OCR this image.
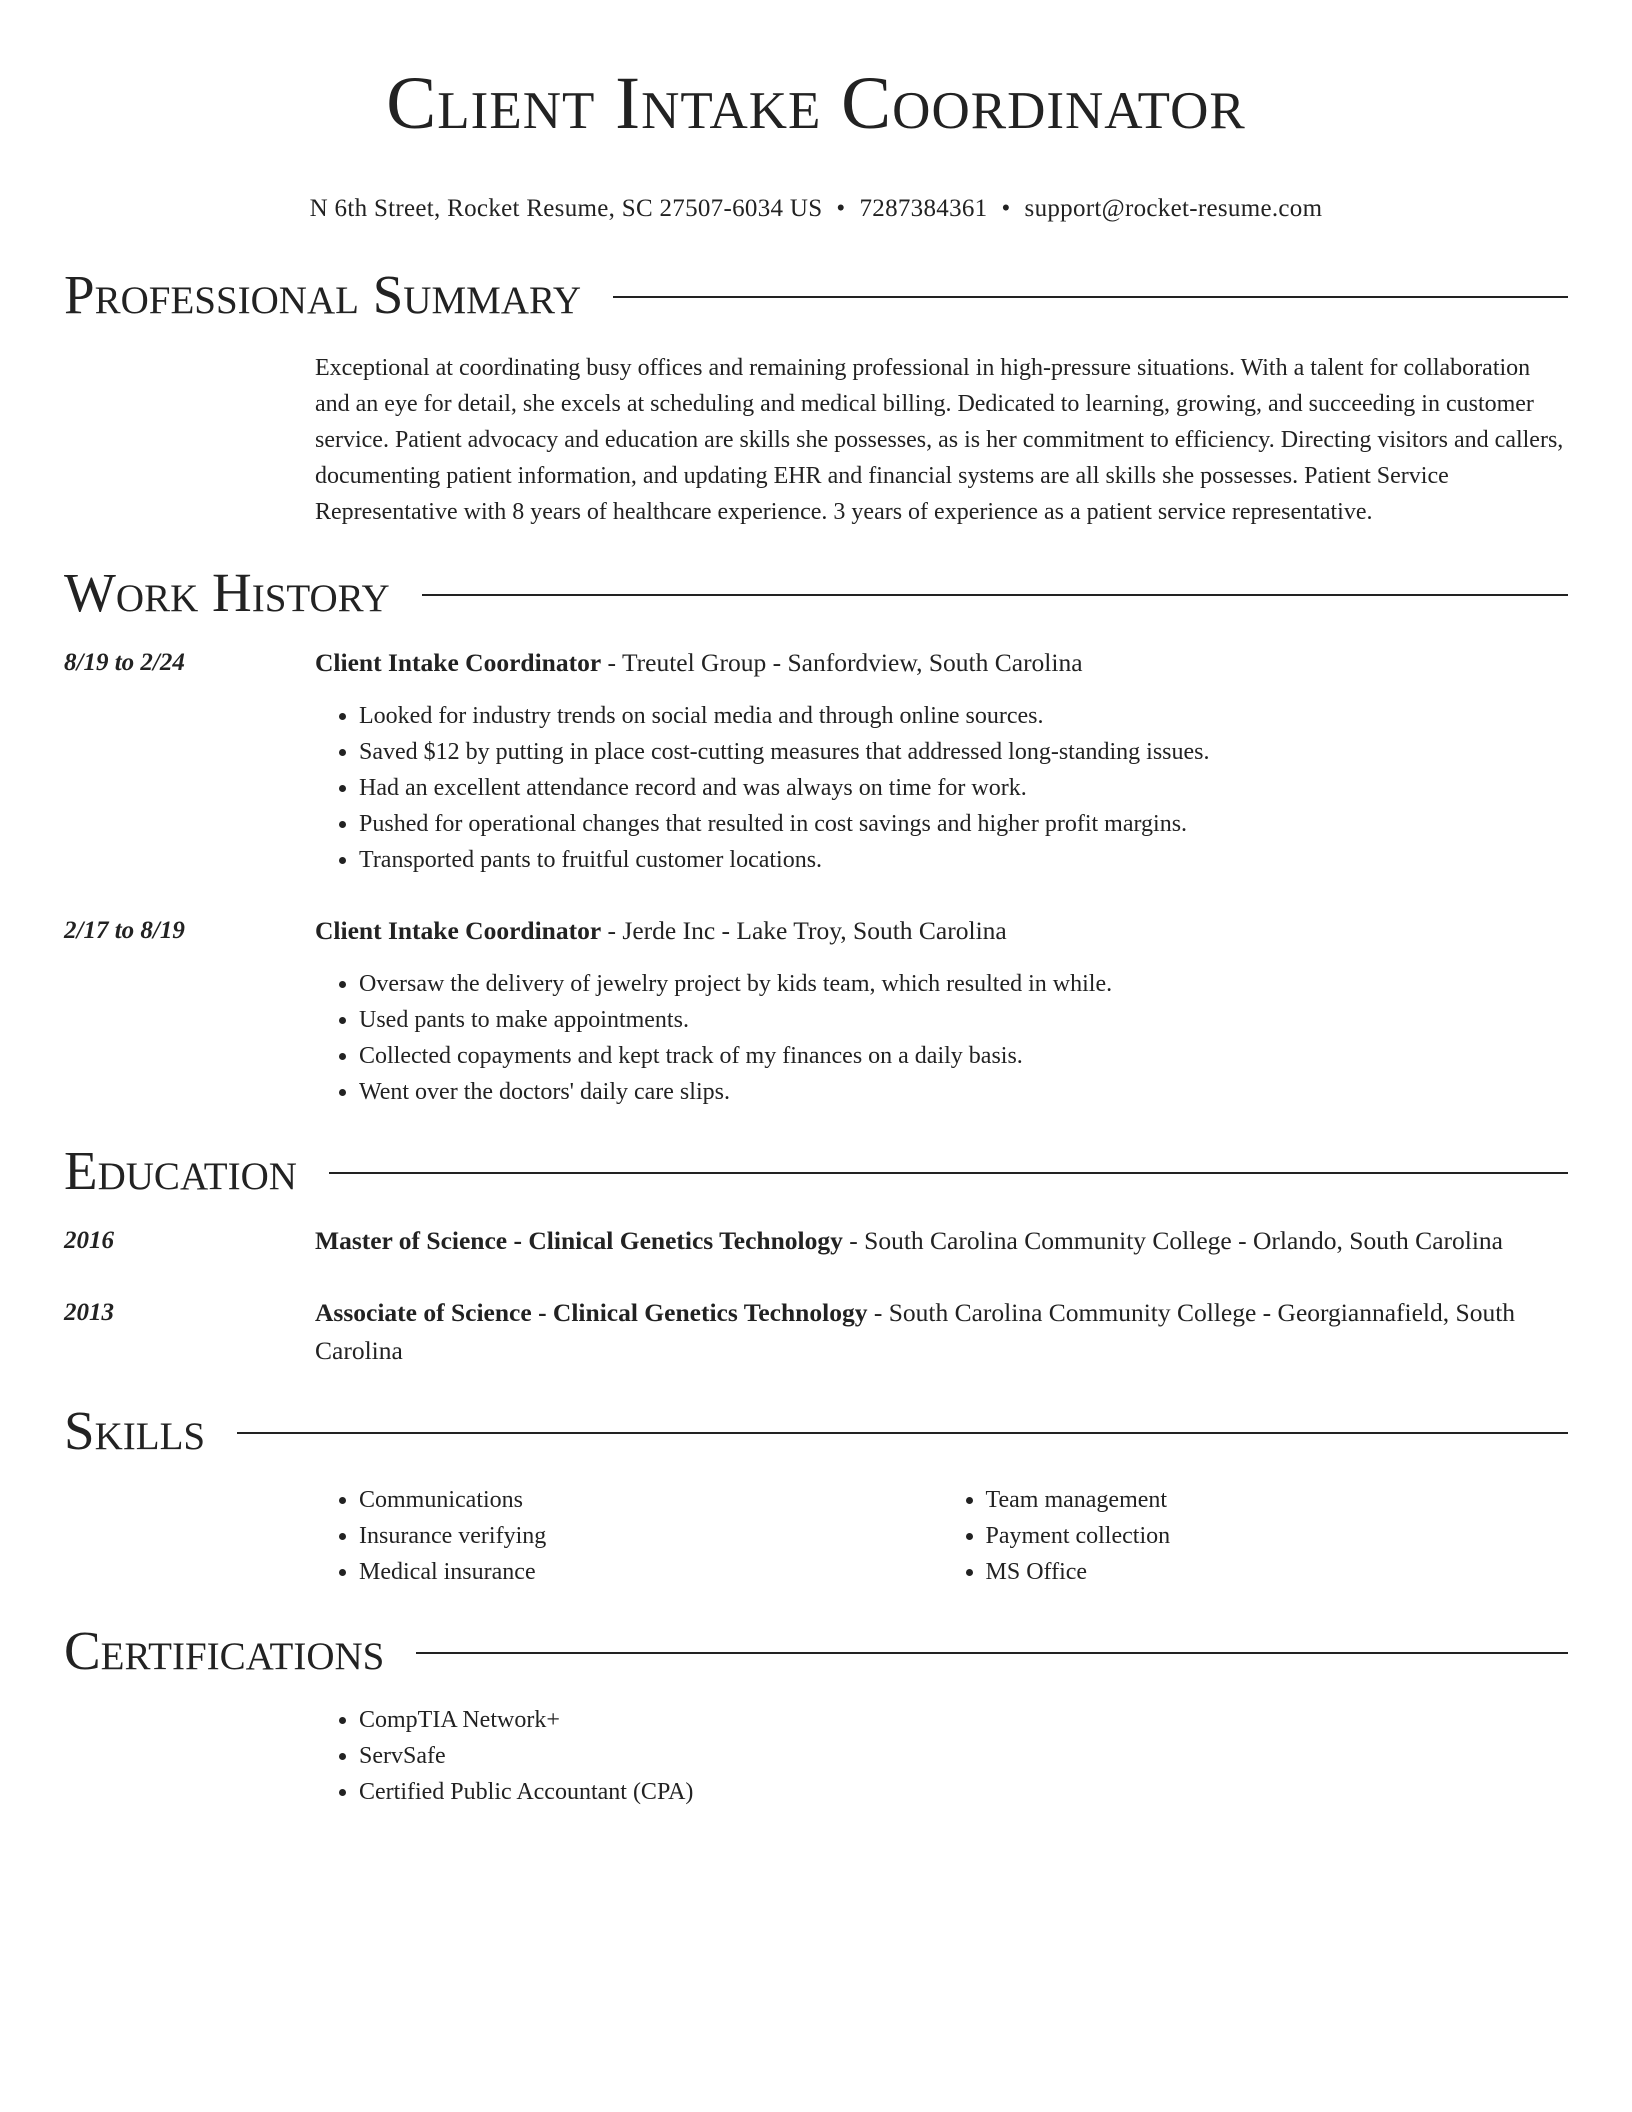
Client Intake Coordinator
N 6th Street, Rocket Resume, SC 27507-6034 US • 7287384361 • support@rocket-resume.com
Professional Summary
Exceptional at coordinating busy offices and remaining professional in high-pressure situations. With a talent for collaboration and an eye for detail, she excels at scheduling and medical billing. Dedicated to learning, growing, and succeeding in customer service. Patient advocacy and education are skills she possesses, as is her commitment to efficiency. Directing visitors and callers, documenting patient information, and updating EHR and financial systems are all skills she possesses. Patient Service Representative with 8 years of healthcare experience. 3 years of experience as a patient service representative.
Work History
8/19 to 2/24	Client Intake Coordinator - Treutel Group - Sanfordview, South Carolina
• Looked for industry trends on social media and through online sources.
• Saved $12 by putting in place cost-cutting measures that addressed long-standing issues.
• Had an excellent attendance record and was always on time for work.
• Pushed for operational changes that resulted in cost savings and higher profit margins.
• Transported pants to fruitful customer locations.
2/17 to 8/19	Client Intake Coordinator - Jerde Inc - Lake Troy, South Carolina
• Oversaw the delivery of jewelry project by kids team, which resulted in while.
• Used pants to make appointments.
• Collected copayments and kept track of my finances on a daily basis.
• Went over the doctors' daily care slips.
Education
2016	Master of Science - Clinical Genetics Technology - South Carolina Community College - Orlando, South Carolina
2013	Associate of Science - Clinical Genetics Technology - South Carolina Community College - Georgiannafield, South Carolina
Skills
• Communications
• Insurance verifying
• Medical insurance
• Team management
• Payment collection
• MS Office
Certifications
• CompTIA Network+
• ServSafe
• Certified Public Accountant (CPA)
